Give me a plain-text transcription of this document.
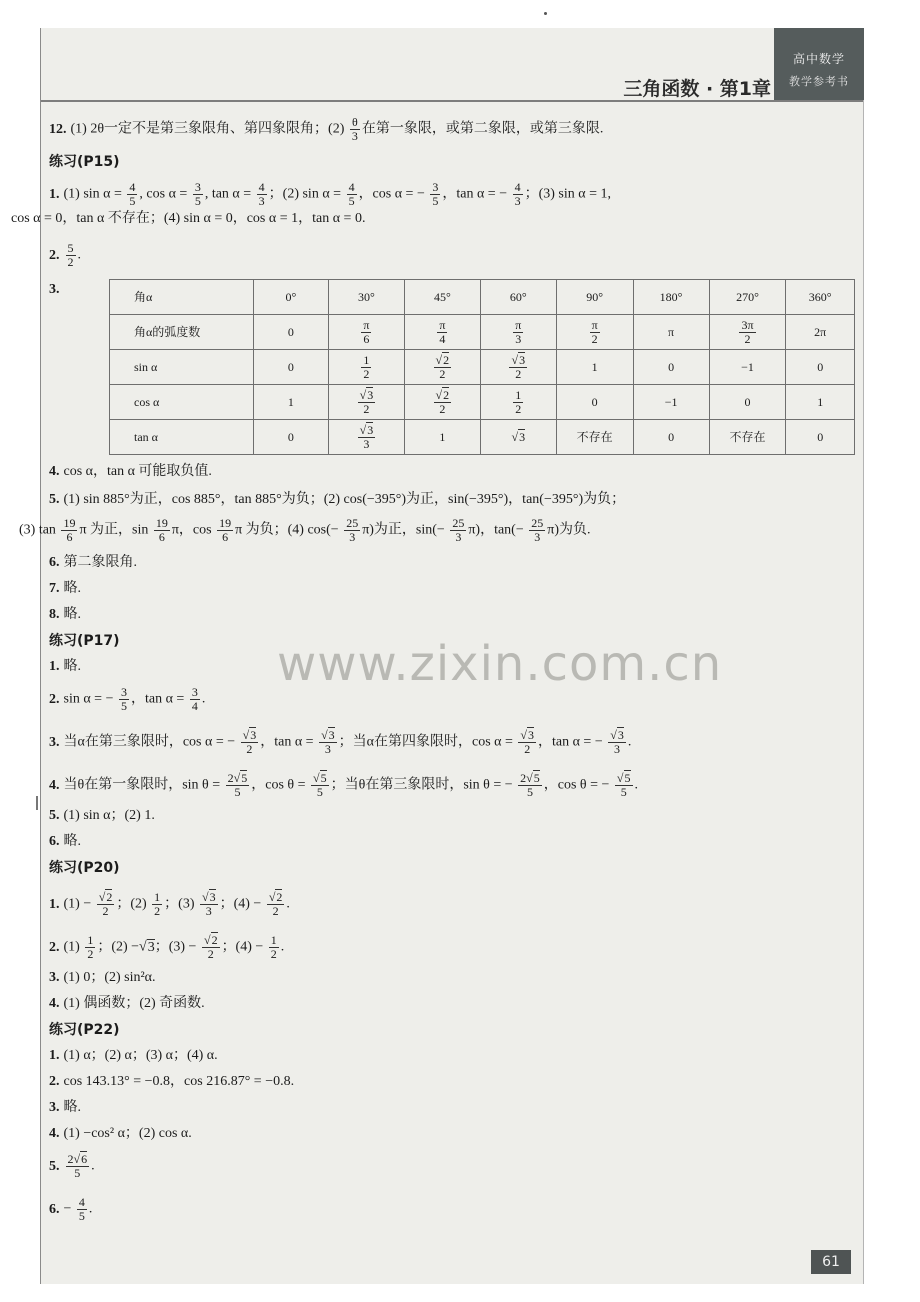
三角函数 · 第1章
高中数学
教学参考书
www.zixin.com.cn
12. (1) 2θ一定不是第三象限角、第四象限角；$(2) \frac{\theta}{3}$ 在第一象限，或第二象限，或第三象限.
练习(P15)
1. (1) $\sin \alpha = \frac{4}{5}$ , $\cos \alpha = \frac{3}{5}$ , $\tan \alpha = \frac{4}{3}$ ；(2) $\sin \alpha = \frac{4}{5}$ ，cos α = − $\frac{3}{5}$ ，tan α = − $\frac{4}{3}$ ；(3) sin α = 1,
cos α = 0，tan α 不存在；(4) sin α = 0，cos α = 1，tan α = 0.
2. $\frac{5}{2}$ .
3.	角α	0°	30°	45°	60°	90°	180°	270°	360°
角α的弧度数	0	$\frac{\pi}{6}$	$\frac{\pi}{4}$	$\frac{\pi}{3}$	$\frac{\pi}{2}$	π	$\frac{3\pi}{2}$	2π
sin α	0	$\frac{1}{2}$	$\frac{√2}{2}$	$\frac{√3}{2}$	1	0	−1	0
cos α	1	$\frac{√3}{2}$	$\frac{√2}{2}$	$\frac{1}{2}$	0	−1	0	1
tan α	0	$\frac{√3}{3}$	1	√3	不存在	0	不存在	0
4. cos α，tan α 可能取负值.
5. (1) sin 885°为正，cos 885°，tan 885°为负；(2) cos(−395°)为正，sin(−395°)，tan(−395°)为负；
(3) $\tan \frac{19}{6}$ π 为正，$\sin \frac{19}{6}$ π，$\cos \frac{19}{6}$ π 为负；(4) $\cos(- \frac{25}{3} \pi)$为正，$\sin(- \frac{25}{3} \pi)$，$\tan(- \frac{25}{3} \pi)$为负.
6. 第二象限角.
7. 略.
8. 略.
练习(P17)
1. 略.
2. sin α = − $\frac{3}{5}$ ，$\tan \alpha = \frac{3}{4}$ .
3. 当α在第三象限时，cos α = − $\frac{√3}{2}$ ，$\tan \alpha = \frac{√3}{3}$ ；当α在第四象限时，$\cos \alpha = \frac{√3}{2}$ ，tan α = − $\frac{√3}{3}$ .
4. 当θ在第一象限时，$\sin \theta = \frac{2√5}{5}$ ，$\cos \theta = \frac{√5}{5}$ ；当θ在第三象限时，sin θ = − $\frac{2√5}{5}$ ，cos θ = − $\frac{√5}{5}$ .
5. (1) sin α；(2) 1.
6. 略.
练习(P20)
1. $(1) - \frac{√2}{2}$ ；$(2) \frac{1}{2}$ ；$(3) \frac{√3}{3}$ ；$(4) - \frac{√2}{2}$ .
2. $(1) \frac{1}{2}$ ；(2) −√3；$(3) - \frac{√2}{2}$ ；$(4) - \frac{1}{2}$ .
3. (1) 0；(2) sin²α.
4. (1) 偶函数；(2) 奇函数.
练习(P22)
1. (1) α；(2) α；(3) α；(4) α.
2. cos 143.13° = −0.8，cos 216.87° = −0.8.
3. 略.
4. (1) −cos² α；(2) cos α.
5. $\frac{2√6}{5}$ .
6. − $\frac{4}{5}$ .
61
